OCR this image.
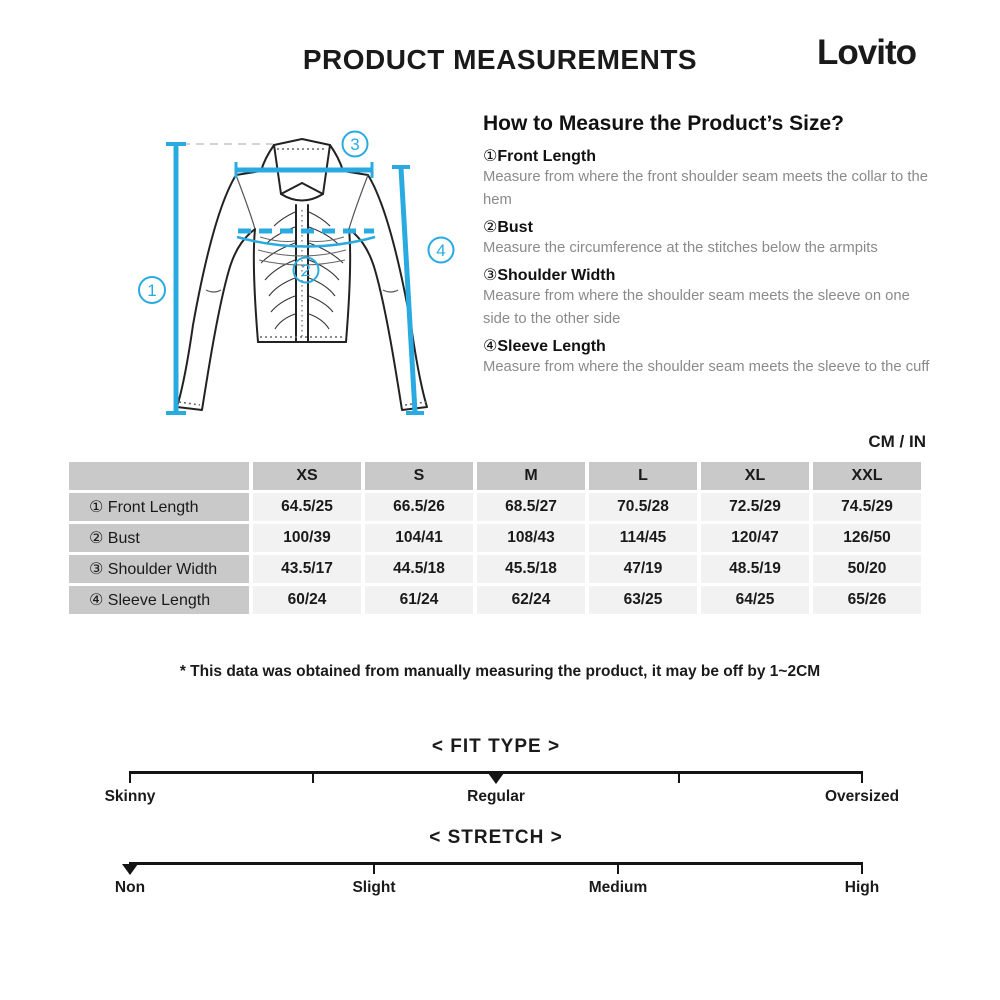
PRODUCT MEASUREMENTS	Lovito
1
2
3
4
How to Measure the Product’s Size?
①Front Length
Measure from where the front shoulder seam meets the collar to the hem
②Bust
Measure the circumference at the stitches below the armpits
③Shoulder Width
Measure from where the shoulder seam meets the sleeve on one side to the other side
④Sleeve Length
Measure from where the shoulder seam meets the sleeve to the cuff
CM / IN
	XS	S	M	L	XL	XXL
① Front Length	64.5/25	66.5/26	68.5/27	70.5/28	72.5/29	74.5/29
② Bust	100/39	104/41	108/43	114/45	120/47	126/50
③ Shoulder Width	43.5/17	44.5/18	45.5/18	47/19	48.5/19	50/20
④ Sleeve Length	60/24	61/24	62/24	63/25	64/25	65/26
* This data was obtained from manually measuring the product, it may be off by 1~2CM
< FIT TYPE >
Skinny	Regular	Oversized
< STRETCH >
Non	Slight	Medium	High
